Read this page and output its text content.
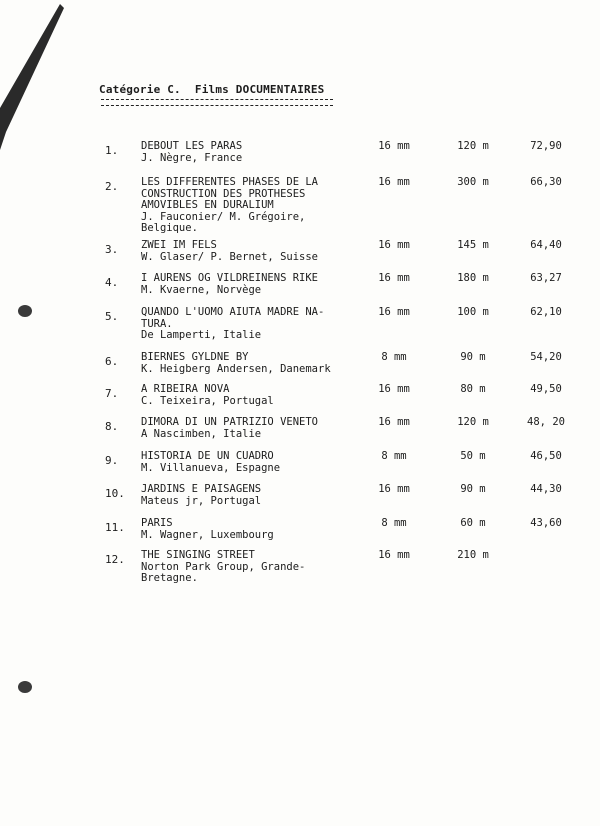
Catégorie C. Films DOCUMENTAIRES
1. DEBOUT LES PARAS
J. Nègre, France
16 mm	120 m	72,90
2. LES DIFFERENTES PHASES DE LA
CONSTRUCTION DES PROTHESES
AMOVIBLES EN DURALIUM
J. Fauconier/ M. Grégoire,
Belgique.
16 mm	300 m	66,30
3. ZWEI IM FELS
W. Glaser/ P. Bernet, Suisse
16 mm	145 m	64,40
4. I AURENS OG VILDREINENS RIKE
M. Kvaerne, Norvège
16 mm	180 m	63,27
5. QUANDO L'UOMO AIUTA MADRE NA-
TURA.
De Lamperti, Italie
16 mm	100 m	62,10
6. BIERNES GYLDNE BY
K. Heigberg Andersen, Danemark
8 mm	90 m	54,20
7. A RIBEIRA NOVA
C. Teixeira, Portugal
16 mm	80 m	49,50
8. DIMORA DI UN PATRIZIO VENETO
A Nascimben, Italie
16 mm	120 m	48, 20
9. HISTORIA DE UN CUADRO
M. Villanueva, Espagne
8 mm	50 m	46,50
10. JARDINS E PAISAGENS
Mateus jr, Portugal
16 mm	90 m	44,30
11. PARIS
M. Wagner, Luxembourg
8 mm	60 m	43,60
12. THE SINGING STREET
Norton Park Group, Grande-
Bretagne.
16 mm	210 m
